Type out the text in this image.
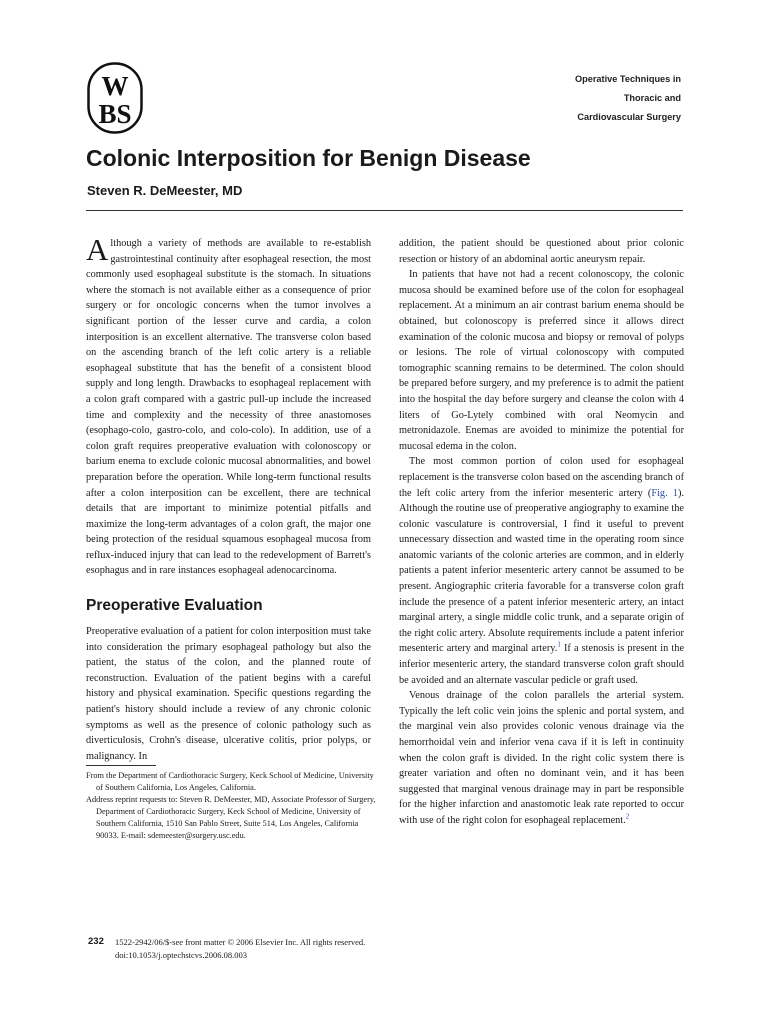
W
BS
Operative Techniques in
Thoracic and
Cardiovascular Surgery
Colonic Interposition for Benign Disease
Steven R. DeMeester, MD

Although a variety of methods are available to re-establish gastrointestinal continuity after esophageal resection, the most commonly used esophageal substitute is the stomach. In situations where the stomach is not available either as a consequence of prior surgery or for oncologic concerns when the tumor involves a significant portion of the lesser curve and cardia, a colon interposition is an excellent alternative. The transverse colon based on the ascending branch of the left colic artery is a reliable esophageal substitute that has the benefit of a consistent blood supply and long length. Drawbacks to esophageal replacement with a colon graft compared with a gastric pull-up include the increased time and complexity and the necessity of three anastomoses (esophago-colo, gastro-colo, and colo-colo). In addition, use of a colon graft requires preoperative evaluation with colonoscopy or barium enema to exclude colonic mucosal abnormalities, and bowel preparation before the operation. While long-term functional results after a colon interposition can be excellent, there are technical details that are important to minimize potential pitfalls and maximize the long-term advantages of a colon graft, the major one being protection of the residual squamous esophageal mucosa from reflux-induced injury that can lead to the redevelopment of Barrett's esophagus and in rare instances esophageal adenocarcinoma.

Preoperative Evaluation

Preoperative evaluation of a patient for colon interposition must take into consideration the primary esophageal pathology but also the patient, the status of the colon, and the planned route of reconstruction. Evaluation of the patient begins with a careful history and physical examination. Specific questions regarding the patient's history should include a review of any chronic colonic symptoms as well as the presence of colonic pathology such as diverticulosis, Crohn's disease, ulcerative colitis, prior polyps, or malignancy. In

addition, the patient should be questioned about prior colonic resection or history of an abdominal aortic aneurysm repair.

In patients that have not had a recent colonoscopy, the colonic mucosa should be examined before use of the colon for esophageal replacement. At a minimum an air contrast barium enema should be obtained, but colonoscopy is preferred since it allows direct examination of the colonic mucosa and biopsy or removal of polyps or lesions. The role of virtual colonoscopy with computed tomographic scanning remains to be determined. The colon should be prepared before surgery, and my preference is to admit the patient into the hospital the day before surgery and cleanse the colon with 4 liters of Go-Lytely combined with oral Neomycin and metronidazole. Enemas are avoided to minimize the potential for mucosal edema in the colon.

The most common portion of colon used for esophageal replacement is the transverse colon based on the ascending branch of the left colic artery from the inferior mesenteric artery (Fig. 1). Although the routine use of preoperative angiography to examine the colonic vasculature is controversial, I find it useful to prevent unnecessary dissection and wasted time in the operating room since anatomic variants of the colonic arteries are common, and in elderly patients a patent inferior mesenteric artery cannot be assumed to be present. Angiographic criteria favorable for a transverse colon graft include the presence of a patent inferior mesenteric artery, an intact marginal artery, a single middle colic trunk, and a separate origin of the right colic artery. Absolute requirements include a patent inferior mesenteric artery and marginal artery.$^1$ If a stenosis is present in the inferior mesenteric artery, the standard transverse colon graft should be avoided and an alternate vascular pedicle or graft used.

Venous drainage of the colon parallels the arterial system. Typically the left colic vein joins the splenic and portal system, and the marginal vein also provides colonic venous drainage via the hemorrhoidal vein and inferior vena cava if it is left in continuity when the colon graft is divided. In the right colic system there is greater variation and often no dominant vein, and it has been suggested that marginal venous drainage may in part be responsible for the higher infarction and anastomotic leak rate reported to occur with use of the right colon for esophageal replacement.$^2$

From the Department of Cardiothoracic Surgery, Keck School of Medicine, University of Southern California, Los Angeles, California.

Address reprint requests to: Steven R. DeMeester, MD, Associate Professor of Surgery, Department of Cardiothoracic Surgery, Keck School of Medicine, University of Southern California, 1510 San Pablo Street, Suite 514, Los Angeles, California 90033. E-mail: sdemeester@surgery.usc.edu.

232 1522-2942/06/$-see front matter © 2006 Elsevier Inc. All rights reserved.
doi:10.1053/j.optechstcvs.2006.08.003
